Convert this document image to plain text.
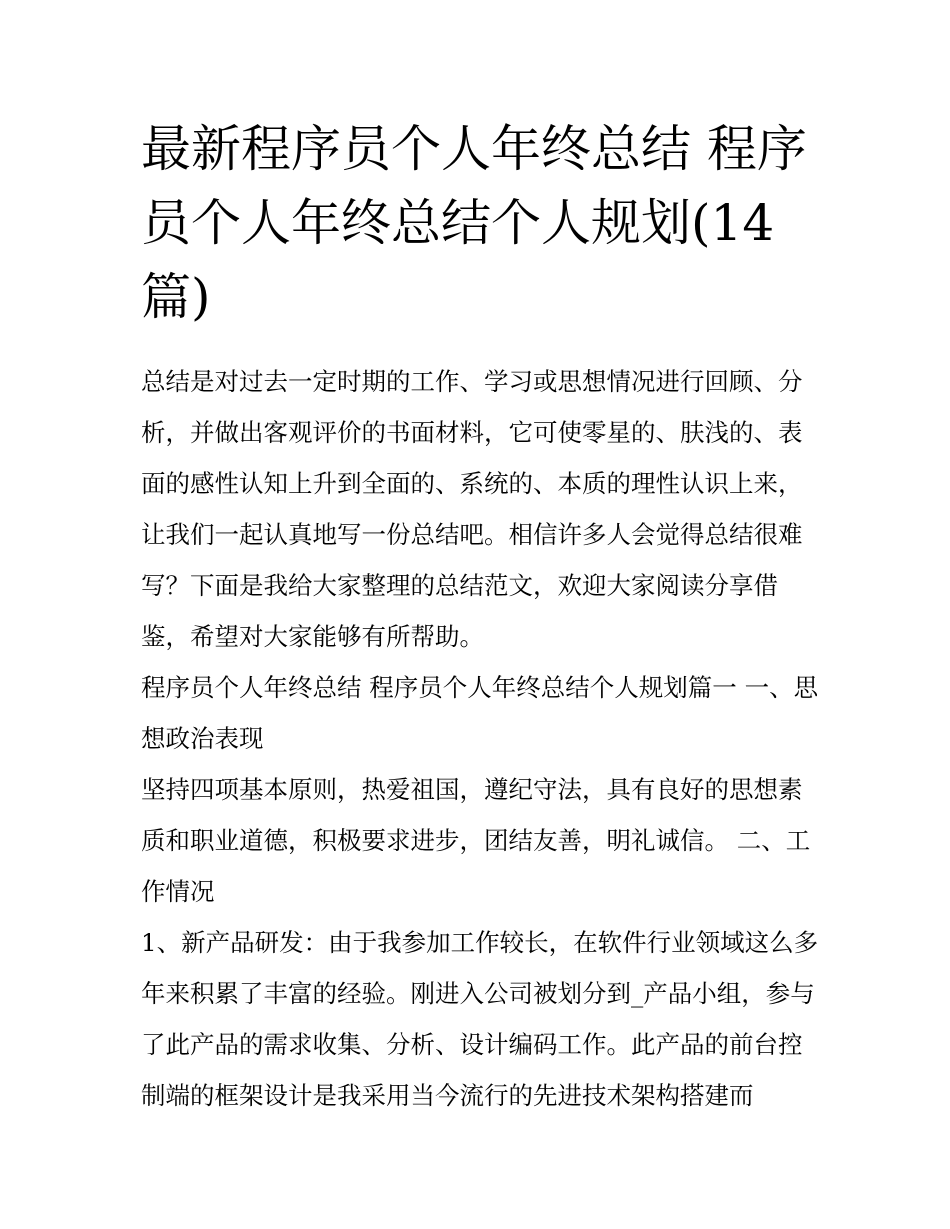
最新程序员个人年终总结 程序员个人年终总结个人规划(14篇)

总结是对过去一定时期的工作、学习或思想情况进行回顾、分析，并做出客观评价的书面材料，它可使零星的、肤浅的、表面的感性认知上升到全面的、系统的、本质的理性认识上来，让我们一起认真地写一份总结吧。相信许多人会觉得总结很难写？下面是我给大家整理的总结范文，欢迎大家阅读分享借鉴，希望对大家能够有所帮助。

程序员个人年终总结 程序员个人年终总结个人规划篇一 一、思想政治表现

坚持四项基本原则，热爱祖国，遵纪守法，具有良好的思想素质和职业道德，积极要求进步，团结友善，明礼诚信。 二、工作情况

1、新产品研发：由于我参加工作较长，在软件行业领域这么多年来积累了丰富的经验。刚进入公司被划分到_产品小组，参与了此产品的需求收集、分析、设计编码工作。此产品的前台控制端的框架设计是我采用当今流行的先进技术架构搭建而
